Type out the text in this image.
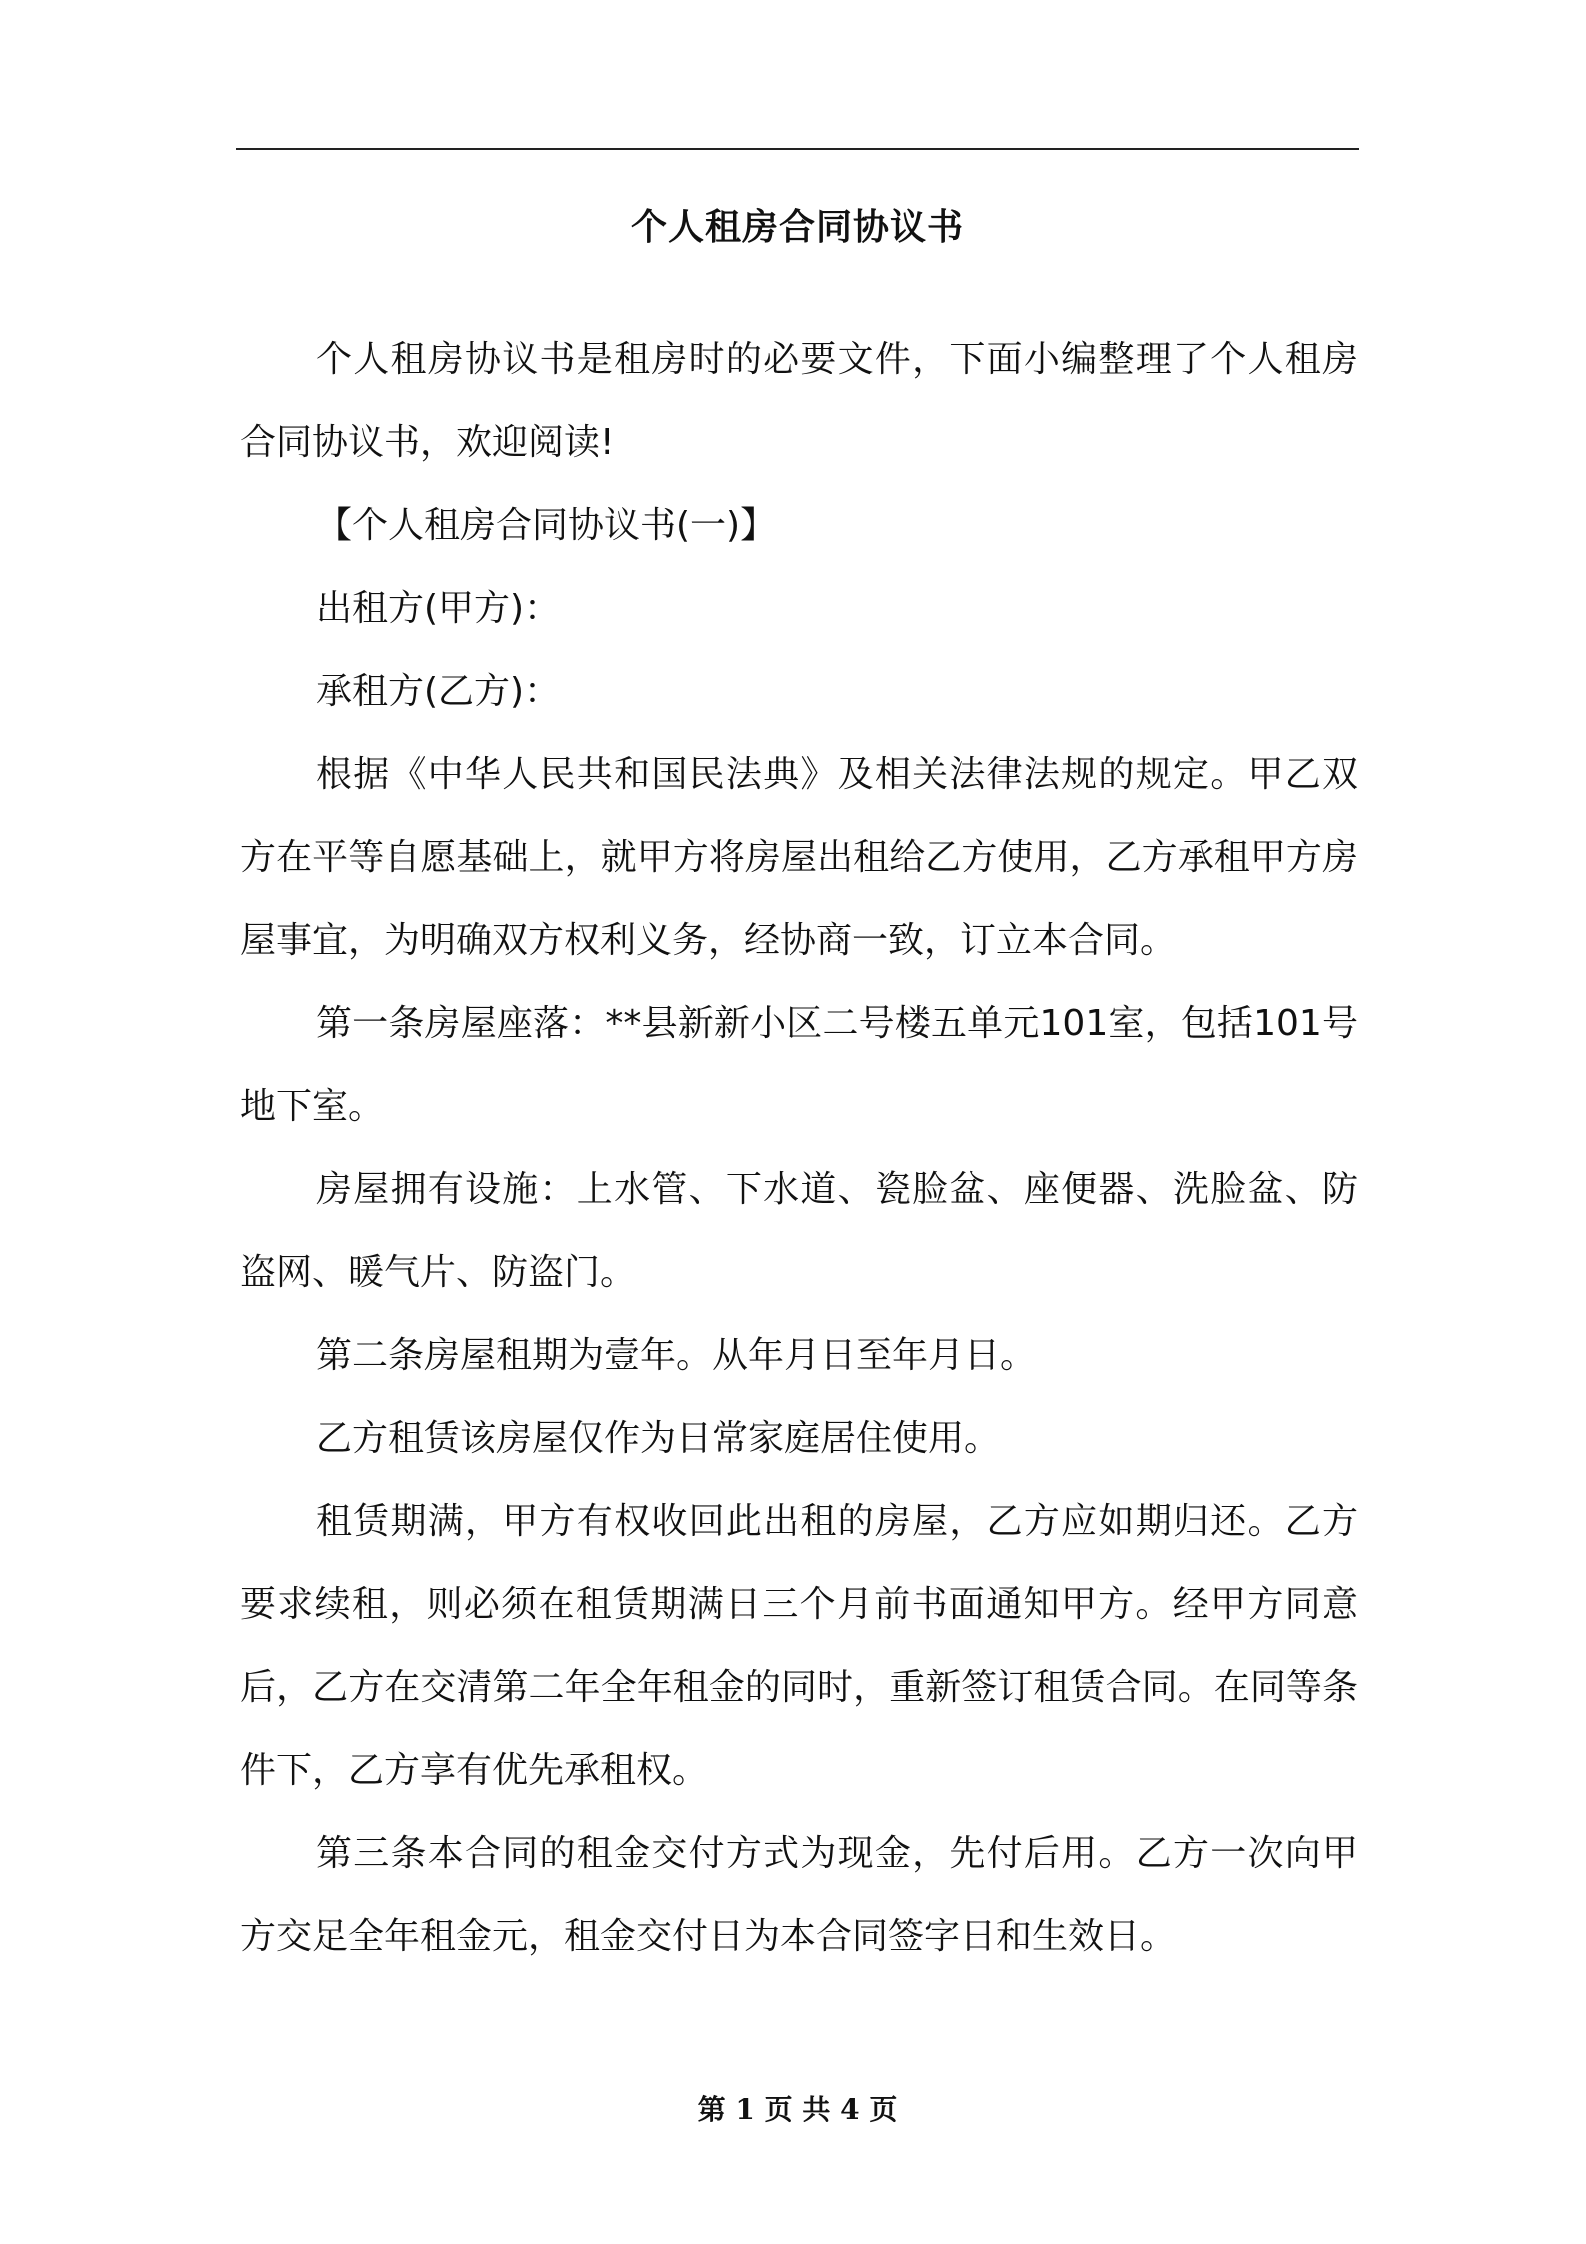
个人租房合同协议书

个人租房协议书是租房时的必要文件，下面小编整理了个人租房合同协议书，欢迎阅读!

【个人租房合同协议书(一)】

出租方(甲方)：

承租方(乙方)：

根据《中华人民共和国民法典》及相关法律法规的规定。甲乙双方在平等自愿基础上，就甲方将房屋出租给乙方使用，乙方承租甲方房屋事宜，为明确双方权利义务，经协商一致，订立本合同。

第一条房屋座落：**县新新小区二号楼五单元101室，包括101号地下室。

房屋拥有设施：上水管、下水道、瓷脸盆、座便器、洗脸盆、防盗网、暖气片、防盗门。

第二条房屋租期为壹年。从年月日至年月日。

乙方租赁该房屋仅作为日常家庭居住使用。

租赁期满，甲方有权收回此出租的房屋，乙方应如期归还。乙方要求续租，则必须在租赁期满日三个月前书面通知甲方。经甲方同意后，乙方在交清第二年全年租金的同时，重新签订租赁合同。在同等条件下，乙方享有优先承租权。

第三条本合同的租金交付方式为现金，先付后用。乙方一次向甲方交足全年租金元，租金交付日为本合同签字日和生效日。

第 1 页 共 4 页
